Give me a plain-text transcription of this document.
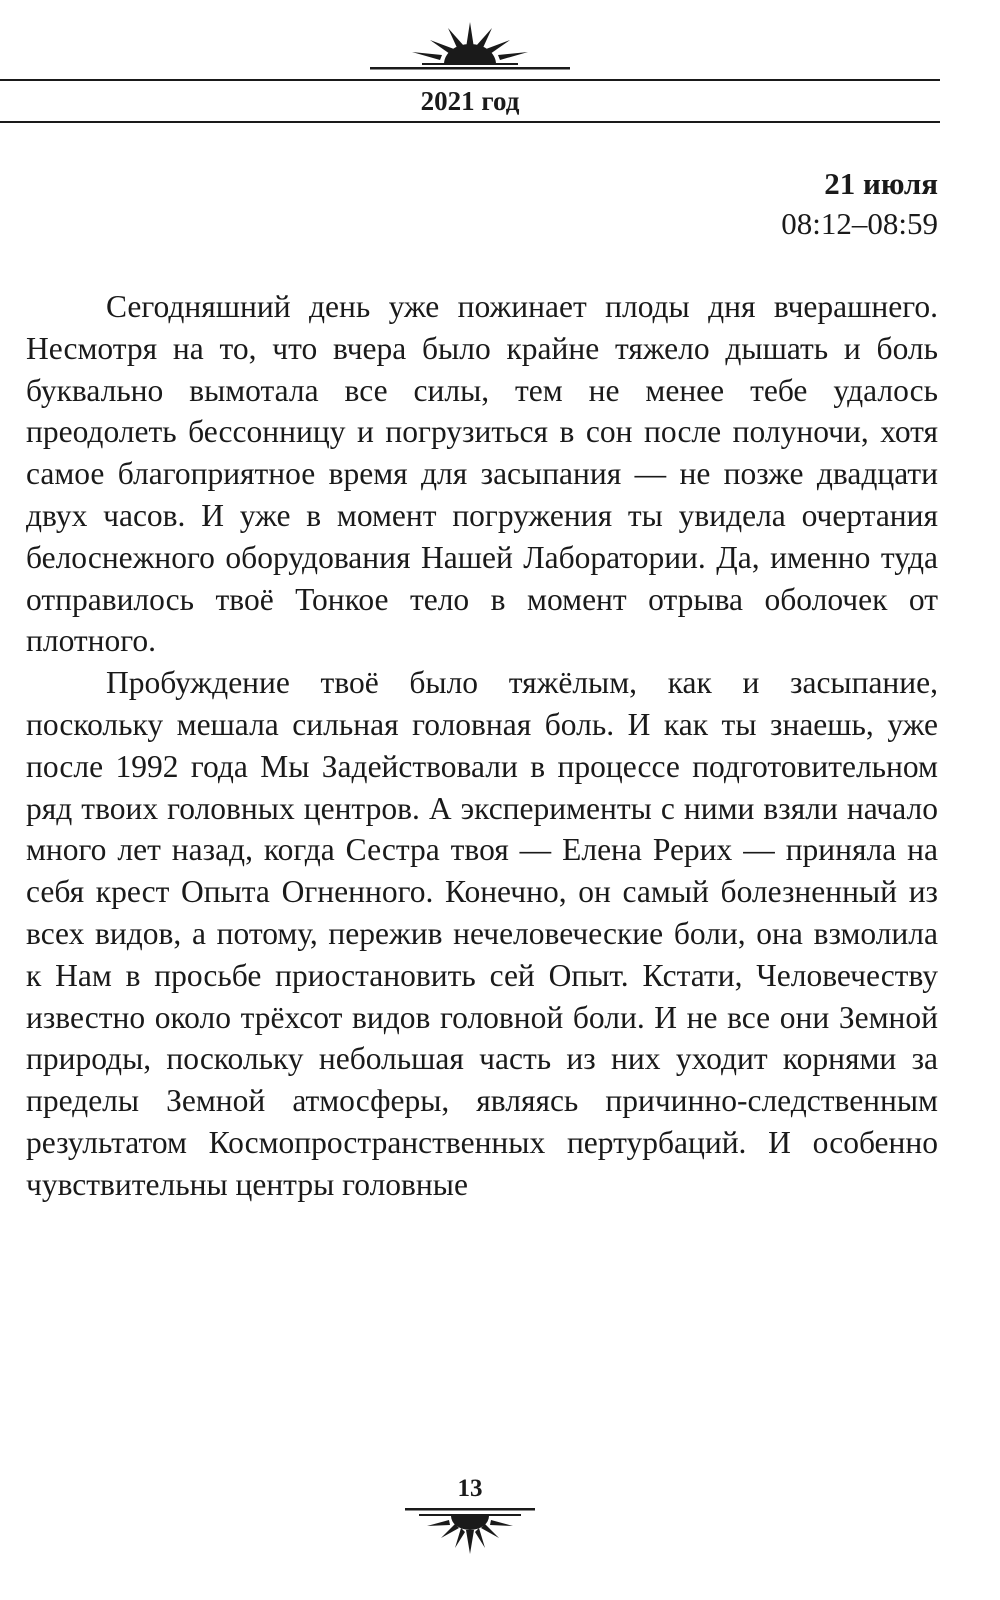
2021 год
21 июля
08:12–08:59

Сегодняшний день уже пожинает плоды дня вчерашнего. Несмотря на то, что вчера было крайне тяжело дышать и боль буквально вымотала все силы, тем не менее тебе удалось преодолеть бессонницу и погрузиться в сон после полуночи, хотя самое благоприятное время для засыпания — не позже двадцати двух часов. И уже в момент погружения ты увидела очертания белоснежного оборудования Нашей Лаборатории. Да, именно туда отправилось твоё Тонкое тело в момент отрыва оболочек от плотного.

Пробуждение твоё было тяжёлым, как и засыпание, поскольку мешала сильная головная боль. И как ты знаешь, уже после 1992 года Мы Задействовали в процессе подготовительном ряд твоих головных центров. А эксперименты с ними взяли начало много лет назад, когда Сестра твоя — Елена Рерих — приняла на себя крест Опыта Огненного. Конечно, он самый болезненный из всех видов, а потому, пережив нечеловеческие боли, она взмолила к Нам в просьбе приостановить сей Опыт. Кстати, Человечеству известно около трёхсот видов головной боли. И не все они Земной природы, поскольку небольшая часть из них уходит корнями за пределы Земной атмосферы, являясь причинно-следственным результатом Космопространственных пертурбаций. И особенно чувствительны центры головные

13
